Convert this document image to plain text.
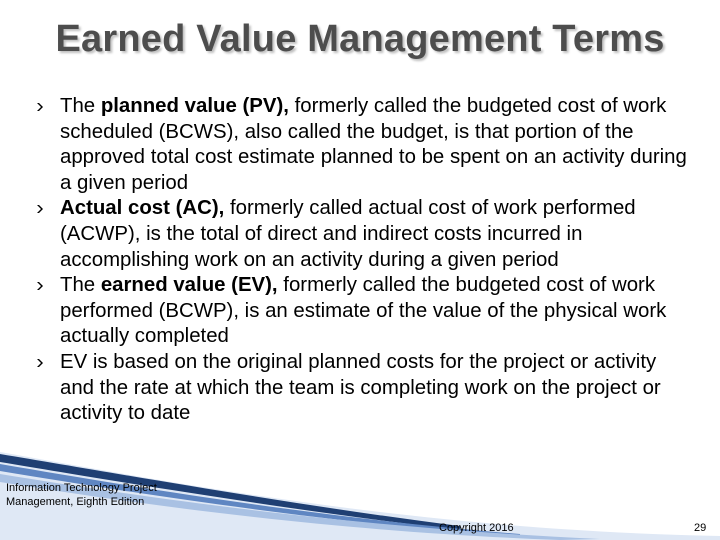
Earned Value Management Terms
The planned value (PV), formerly called the budgeted cost of work scheduled (BCWS), also called the budget, is that portion of the approved total cost estimate planned to be spent on an activity during a given period
Actual cost (AC), formerly called actual cost of work performed (ACWP), is the total of direct and indirect costs incurred in accomplishing work on an activity during a given period
The earned value (EV), formerly called the budgeted cost of work performed (BCWP), is an estimate of the value of the physical work actually completed
EV is based on the original planned costs for the project or activity and the rate at which the team is completing work on the project or activity to date
Information Technology Project
Management, Eighth Edition
Copyright 2016	29
